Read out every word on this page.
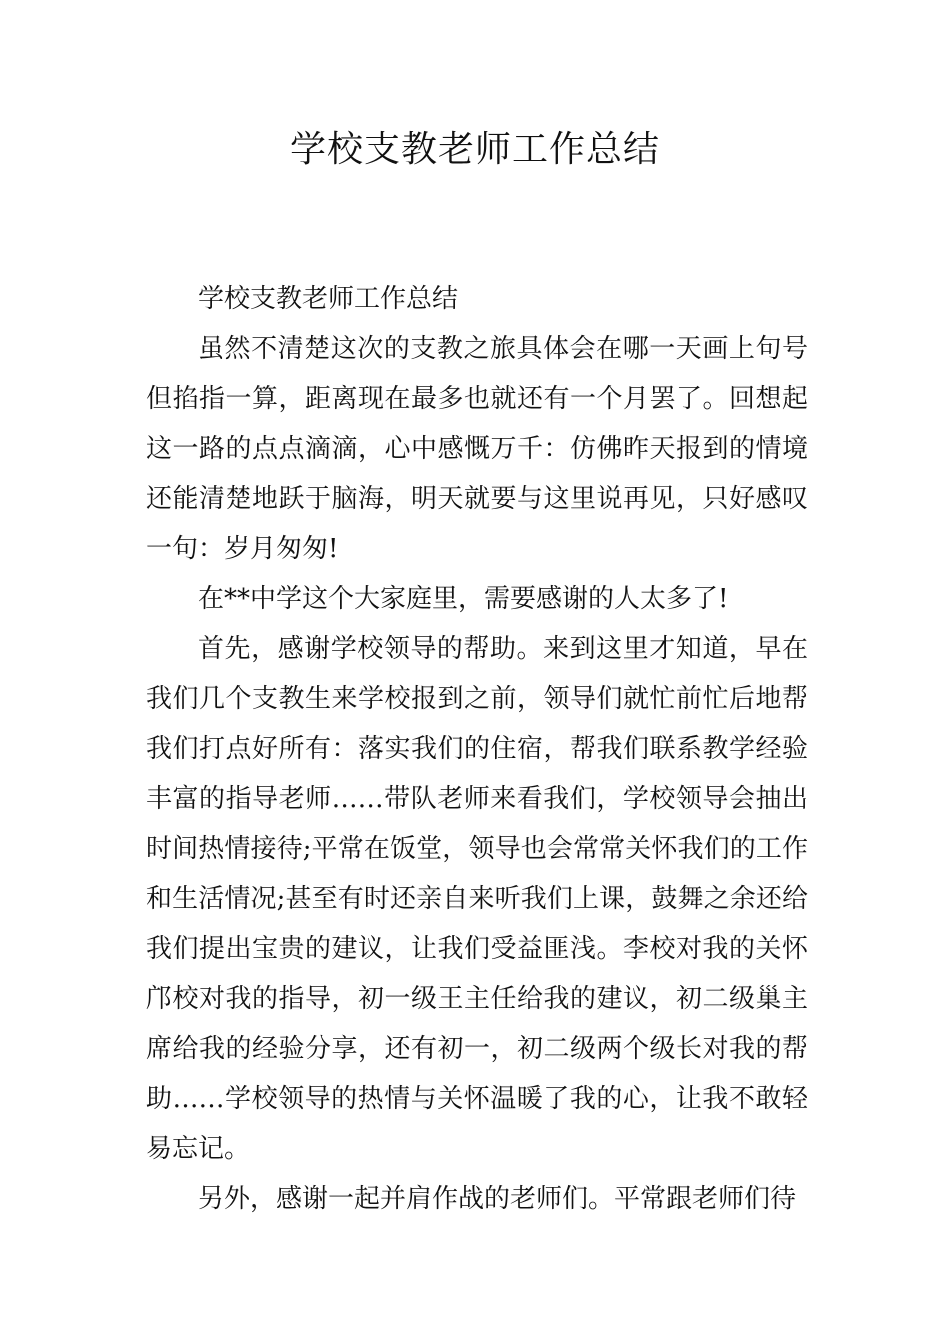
学校支教老师工作总结

学校支教老师工作总结

虽然不清楚这次的支教之旅具体会在哪一天画上句号但掐指一算，距离现在最多也就还有一个月罢了。回想起这一路的点点滴滴，心中感慨万千：仿佛昨天报到的情境还能清楚地跃于脑海，明天就要与这里说再见，只好感叹一句：岁月匆匆!

在**中学这个大家庭里，需要感谢的人太多了!

首先，感谢学校领导的帮助。来到这里才知道，早在我们几个支教生来学校报到之前，领导们就忙前忙后地帮我们打点好所有：落实我们的住宿，帮我们联系教学经验丰富的指导老师……带队老师来看我们，学校领导会抽出时间热情接待;平常在饭堂，领导也会常常关怀我们的工作和生活情况;甚至有时还亲自来听我们上课，鼓舞之余还给我们提出宝贵的建议，让我们受益匪浅。李校对我的关怀邝校对我的指导，初一级王主任给我的建议，初二级巢主席给我的经验分享，还有初一，初二级两个级长对我的帮助……学校领导的热情与关怀温暖了我的心，让我不敢轻易忘记。

另外，感谢一起并肩作战的老师们。平常跟老师们待
